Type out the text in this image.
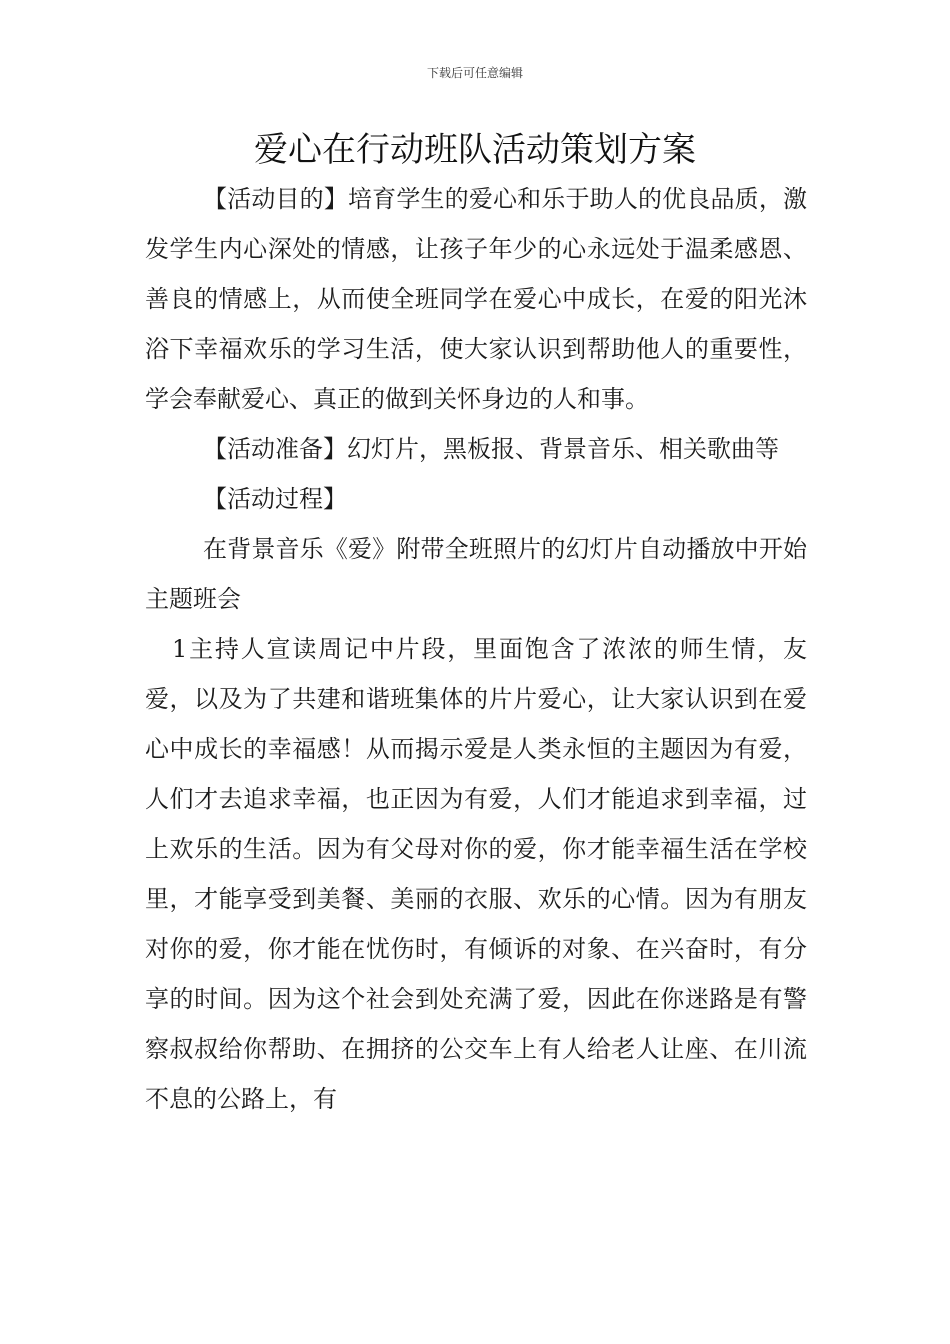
下载后可任意编辑
爱心在行动班队活动策划方案

【活动目的】培育学生的爱心和乐于助人的优良品质，激发学生内心深处的情感，让孩子年少的心永远处于温柔感恩、善良的情感上，从而使全班同学在爱心中成长，在爱的阳光沐浴下幸福欢乐的学习生活，使大家认识到帮助他人的重要性，学会奉献爱心、真正的做到关怀身边的人和事。

【活动准备】幻灯片，黑板报、背景音乐、相关歌曲等

【活动过程】

在背景音乐《爱》附带全班照片的幻灯片自动播放中开始主题班会

1主持人宣读周记中片段，里面饱含了浓浓的师生情，友爱，以及为了共建和谐班集体的片片爱心，让大家认识到在爱心中成长的幸福感！从而揭示爱是人类永恒的主题因为有爱，人们才去追求幸福，也正因为有爱，人们才能追求到幸福，过上欢乐的生活。因为有父母对你的爱，你才能幸福生活在学校里，才能享受到美餐、美丽的衣服、欢乐的心情。因为有朋友对你的爱，你才能在忧伤时，有倾诉的对象、在兴奋时，有分享的时间。因为这个社会到处充满了爱，因此在你迷路是有警察叔叔给你帮助、在拥挤的公交车上有人给老人让座、在川流不息的公路上，有
